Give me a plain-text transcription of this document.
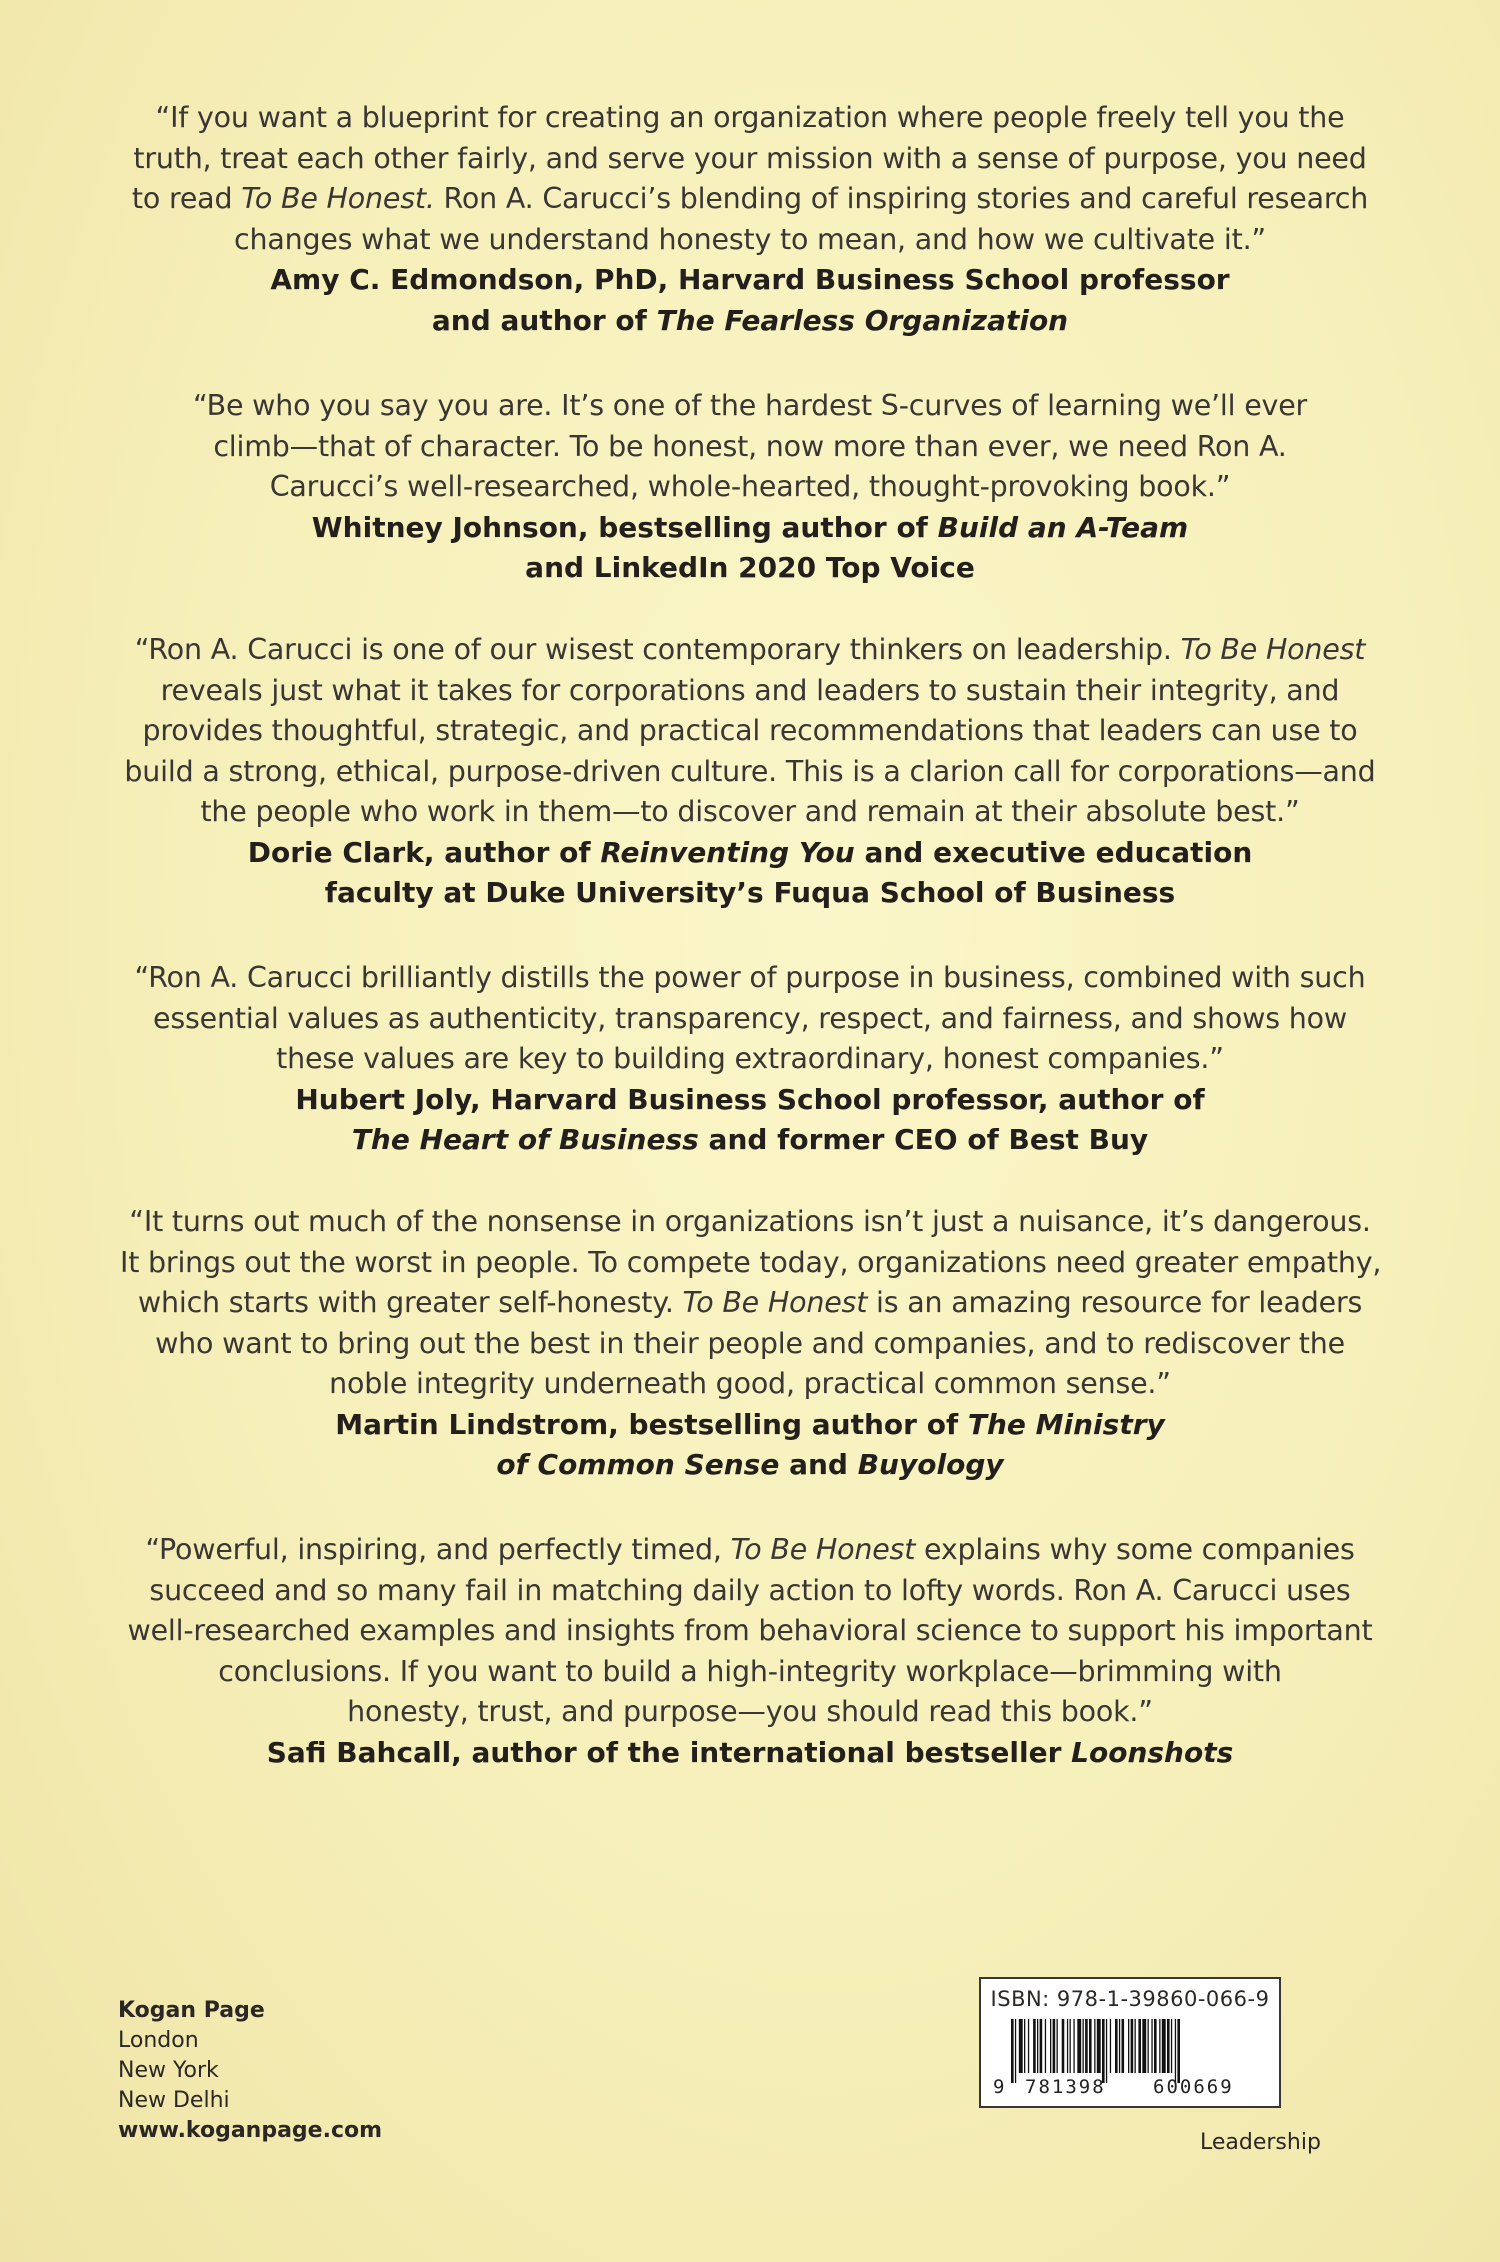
“If you want a blueprint for creating an organization where people freely tell you the
truth, treat each other fairly, and serve your mission with a sense of purpose, you need
to read To Be Honest. Ron A. Carucci’s blending of inspiring stories and careful research
changes what we understand honesty to mean, and how we cultivate it.”
Amy C. Edmondson, PhD, Harvard Business School professor
and author of The Fearless Organization
“Be who you say you are. It’s one of the hardest S-curves of learning we’ll ever
climb—that of character. To be honest, now more than ever, we need Ron A.
Carucci’s well-researched, whole-hearted, thought-provoking book.”
Whitney Johnson, bestselling author of Build an A-Team
and LinkedIn 2020 Top Voice
“Ron A. Carucci is one of our wisest contemporary thinkers on leadership. To Be Honest
reveals just what it takes for corporations and leaders to sustain their integrity, and
provides thoughtful, strategic, and practical recommendations that leaders can use to
build a strong, ethical, purpose-driven culture. This is a clarion call for corporations—and
the people who work in them—to discover and remain at their absolute best.”
Dorie Clark, author of Reinventing You and executive education
faculty at Duke University’s Fuqua School of Business
“Ron A. Carucci brilliantly distills the power of purpose in business, combined with such
essential values as authenticity, transparency, respect, and fairness, and shows how
these values are key to building extraordinary, honest companies.”
Hubert Joly, Harvard Business School professor, author of
The Heart of Business and former CEO of Best Buy
“It turns out much of the nonsense in organizations isn’t just a nuisance, it’s dangerous.
It brings out the worst in people. To compete today, organizations need greater empathy,
which starts with greater self-honesty. To Be Honest is an amazing resource for leaders
who want to bring out the best in their people and companies, and to rediscover the
noble integrity underneath good, practical common sense.”
Martin Lindstrom, bestselling author of The Ministry
of Common Sense and Buyology
“Powerful, inspiring, and perfectly timed, To Be Honest explains why some companies
succeed and so many fail in matching daily action to lofty words. Ron A. Carucci uses
well-researched examples and insights from behavioral science to support his important
conclusions. If you want to build a high-integrity workplace—brimming with
honesty, trust, and purpose—you should read this book.”
Safi Bahcall, author of the international bestseller Loonshots
Kogan Page
London
New York
New Delhi
www.koganpage.com
ISBN: 978-1-39860-066-9
9 781398 600669
Leadership
